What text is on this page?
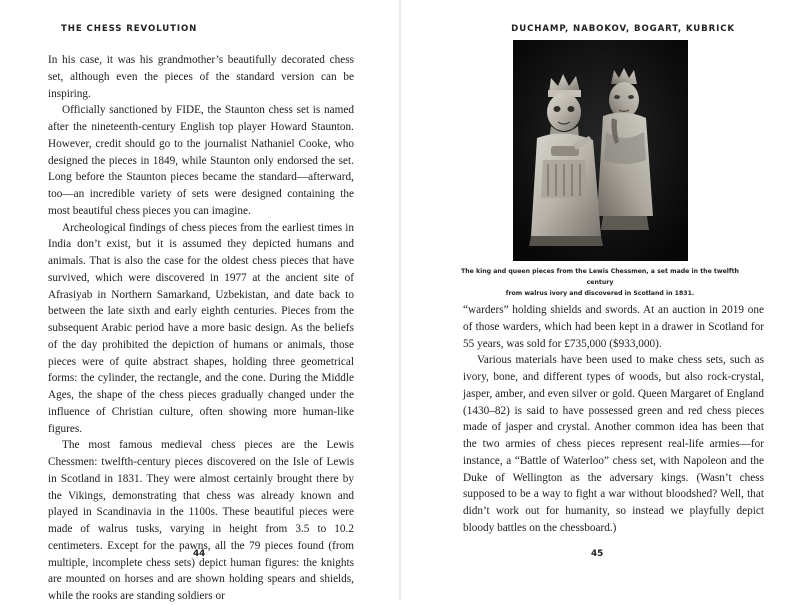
THE CHESS REVOLUTION

In his case, it was his grandmother’s beautifully decorated chess set, although even the pieces of the standard version can be inspiring.

Officially sanctioned by FIDE, the Staunton chess set is named after the nineteenth-century English top player Howard Staunton. However, credit should go to the journalist Nathaniel Cooke, who designed the pieces in 1849, while Staunton only endorsed the set. Long before the Staunton pieces became the standard—afterward, too—an incredible variety of sets were designed containing the most beautiful chess pieces you can imagine.

Archeological findings of chess pieces from the earliest times in India don’t exist, but it is assumed they depicted humans and animals. That is also the case for the oldest chess pieces that have survived, which were discovered in 1977 at the ancient site of Afrasiyab in Northern Samarkand, Uzbekistan, and date back to between the late sixth and early eighth centuries. Pieces from the subsequent Arabic period have a more basic design. As the beliefs of the day prohibited the depiction of humans or animals, those pieces were of quite abstract shapes, holding three geometrical forms: the cylinder, the rectangle, and the cone. During the Middle Ages, the shape of the chess pieces gradually changed under the influence of Christian culture, often showing more human-like figures.

The most famous medieval chess pieces are the Lewis Chessmen: twelfth-century pieces discovered on the Isle of Lewis in Scotland in 1831. They were almost certainly brought there by the Vikings, demonstrating that chess was already known and played in Scandinavia in the 1100s. These beautiful pieces were made of walrus tusks, varying in height from 3.5 to 10.2 centimeters. Except for the pawns, all the 79 pieces found (from multiple, incomplete chess sets) depict human figures: the knights are mounted on horses and are shown holding spears and shields, while the rooks are standing soldiers or

44
DUCHAMP, NABOKOV, BOGART, KUBRICK
The king and queen pieces from the Lewis Chessmen, a set made in the twelfth century
from walrus ivory and discovered in Scotland in 1831.

“warders” holding shields and swords. At an auction in 2019 one of those warders, which had been kept in a drawer in Scotland for 55 years, was sold for £735,000 ($933,000).

Various materials have been used to make chess sets, such as ivory, bone, and different types of woods, but also rock-crystal, jasper, amber, and even silver or gold. Queen Margaret of England (1430–82) is said to have possessed green and red chess pieces made of jasper and crystal. Another common idea has been that the two armies of chess pieces represent real-life armies—for instance, a “Battle of Waterloo” chess set, with Napoleon and the Duke of Wellington as the adversary kings. (Wasn’t chess supposed to be a way to fight a war without bloodshed? Well, that didn’t work out for humanity, so instead we playfully depict bloody battles on the chessboard.)

45
